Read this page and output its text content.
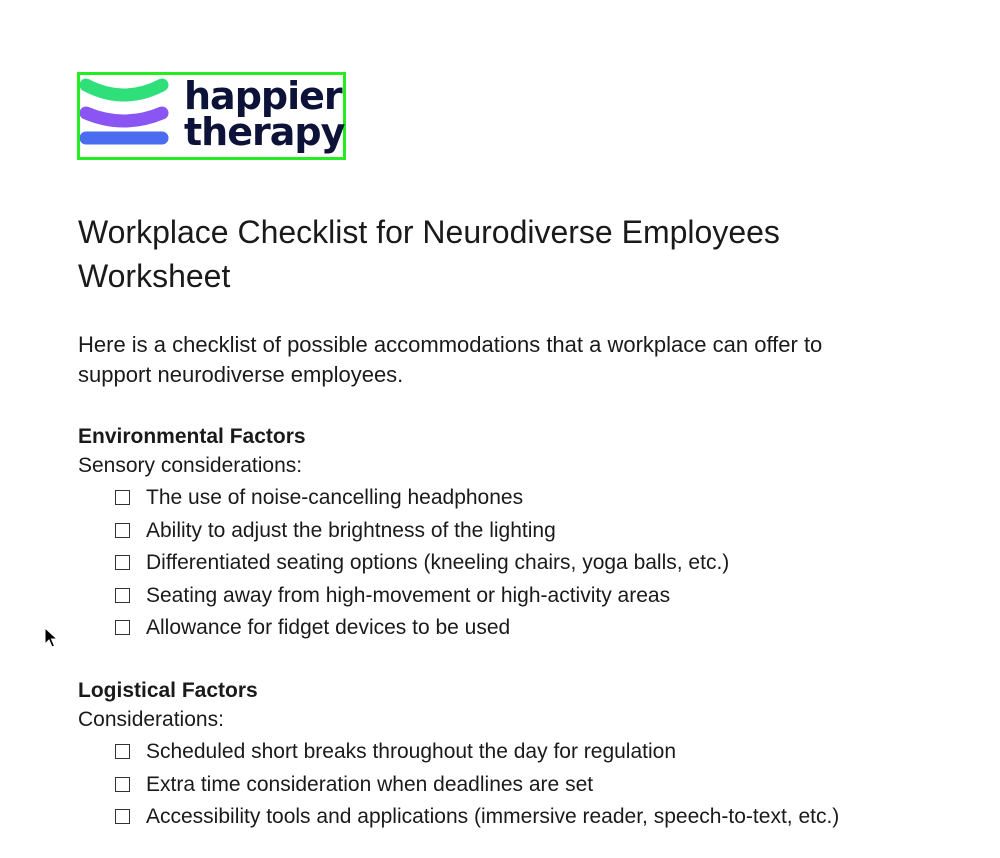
happier
therapy
Workplace Checklist for Neurodiverse Employees Worksheet

Here is a checklist of possible accommodations that a workplace can offer to support neurodiverse employees.

Environmental Factors

Sensory considerations:

The use of noise-cancelling headphones
Ability to adjust the brightness of the lighting
Differentiated seating options (kneeling chairs, yoga balls, etc.)
Seating away from high-movement or high-activity areas
Allowance for fidget devices to be used

Logistical Factors

Considerations:

Scheduled short breaks throughout the day for regulation
Extra time consideration when deadlines are set
Accessibility tools and applications (immersive reader, speech-to-text, etc.)
